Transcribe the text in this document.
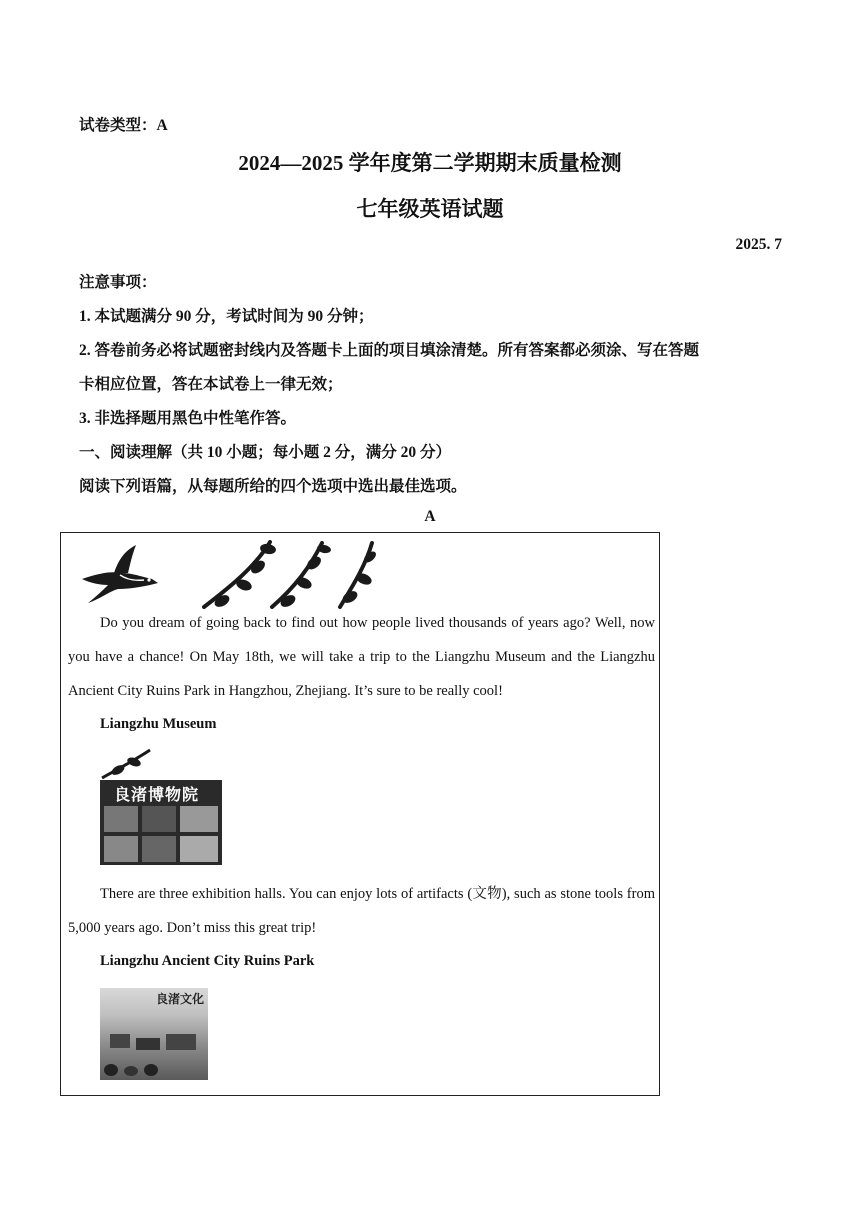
试卷类型：A
2024—2025 学年度第二学期期末质量检测
七年级英语试题
2025. 7
注意事项：
1. 本试题满分 90 分，考试时间为 90 分钟；
2. 答卷前务必将试题密封线内及答题卡上面的项目填涂清楚。所有答案都必须涂、写在答题
卡相应位置，答在本试卷上一律无效；
3. 非选择题用黑色中性笔作答。
一、阅读理解（共 10 小题；每小题 2 分，满分 20 分）
阅读下列语篇，从每题所给的四个选项中选出最佳选项。
A
Do you dream of going back to find out how people lived thousands of years ago? Well, now you have a chance! On May 18th, we will take a trip to the Liangzhu Museum and the Liangzhu Ancient City Ruins Park in Hangzhou, Zhejiang. It’s sure to be really cool!
Liangzhu Museum
良渚博物院
There are three exhibition halls. You can enjoy lots of artifacts (文物), such as stone tools from 5,000 years ago. Don’t miss this great trip!
Liangzhu Ancient City Ruins Park
良渚文化
